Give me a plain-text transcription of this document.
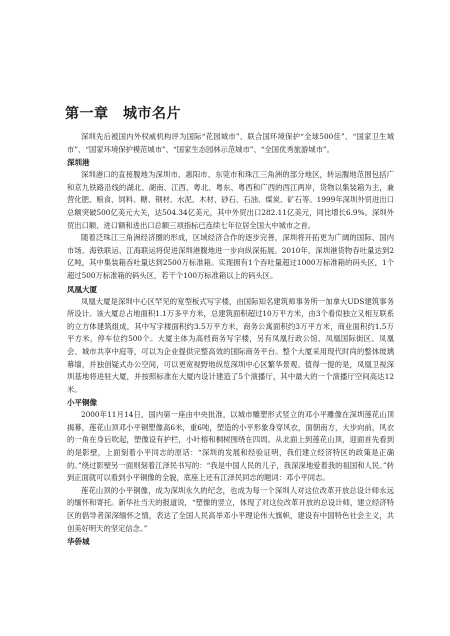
第一章　城市名片

深圳先后被国内外权威机构评为国际“花园城市”、联合国环境保护“全球500佳”、“国家卫生城市”、“国家环境保护模范城市”、“国家生态园林示范城市”、“全国优秀旅游城市”。

深圳港

深圳港口的直接腹地为深圳市、惠阳市、东莞市和珠江三角洲的部分地区，转运腹地范围包括广和京九铁路沿线的湖北、湖南、江西、粤北、粤东、粤西和广西的西江两岸，货物以集装箱为主，兼营化肥、粮食、饲料、糖、钢材、水泥、木材、砂石、石油、煤炭、矿石等。1999年深圳外贸进出口总额突破500亿美元大关，达504.34亿美元，其中外贸出口282.11亿美元，同比增长6.9%。深圳外贸出口额、进口额和进出口总额三项指标已连续七年位居全国大中城市之首。

随着泛珠江三角洲经济圈的形成，区域经济合作的逐步完善，深圳将开拓更为广阔的国际、国内市场。海铁联运、江海联运将促进深圳港腹地进一步向纵深拓展。2010年，深圳港货物吞吐量达到2亿吨，其中集装箱吞吐量达到2500万标准箱。实现拥有1个吞吐量超过1000万标准箱的码头区，1个超过500万标准箱的码头区，若干个100万标准箱以上的码头区。

凤凰大厦

凤凰大厦是深圳中心区罕见的宽型板式写字楼，由国际知名建筑师事务所一加拿大UDS建筑事务所设计。该大厦总占地面积1.1万多平方米，总建筑面积超过10万平方米，由3个看似独立又相互联系的立方体建筑组成，其中写字楼面积约3.5万平方米，商务公寓面积约3万平方米，商业面积约1.5万平方米，停车位约500个。大厦主体为高档商务写字楼，另有凤凰行政公馆、凤凰国际街区、凤凰会、城市共享中庭等，可以为企业提供完整高效的国际商务平台。整个大厦采用现代时尚的整体玻璃幕墙，并独创疑式办公空间，可以更宽视野地纵览深圳中心区繁华景观。值得一提的是，凤凰卫视深圳基地将进驻大厦，并按照标准在大厦内设计建造了5个演播厅，其中最大的一个演播厅空间高达12米。

小平铜像

2000年11月14日，国内第一座由中央批准，以城市雕塑形式竖立的邓小平雕像在深圳莲花山顶揭幕，莲花山顶邓小平铜塑像高6米，重6吨，塑造的小平形象身穿风衣，面朝南方，大步向前，风衣的一角在身后吹起，塑像设有护栏，小叶榕和桐树围绕在四周。从北面上到莲花山顶，迎面首先看到的是影壁，上面刻着小平同志的原话：“深圳的发展和经验证明，我们建立经济特区的政策是正确的。”绕过影壁另一面则刻着江泽民书写的：“我是中国人民的儿子，我深深地爱着我的祖国和人民。”转到正面就可以看到小平铜像的全貌，底座上还有江泽民同志的题词：邓小平同志。

莲花山顶的小平铜像，成为深圳永久的纪念，也成为每一个深圳人对这位改革开放总设计师永远的缅怀和寄托。新华社当天的报道说，“塑像的竖立，体现了对这位改革开放的总设计师，建立经济特区的倡导者深深缅怀之情，表达了全国人民高举邓小平理论伟大旗帜，建设有中国特色社会主义，共创美好明天的坚定信念。”

华侨城
